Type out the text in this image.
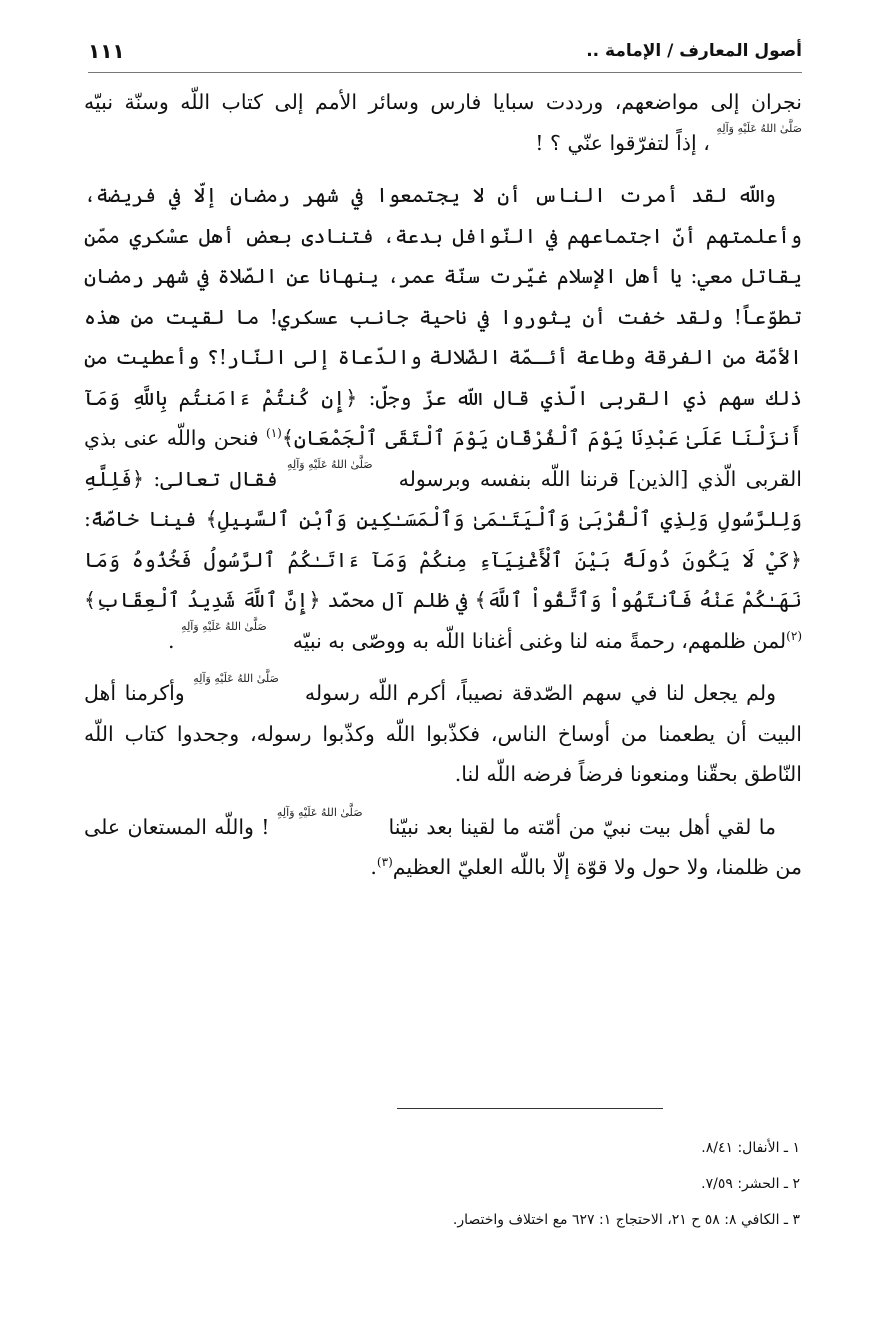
أصول المعارف / الإمامة ..
١١١

نجران إلى مواضعهم، ورددت سبايا فارس وسائر الأمم إلى كتاب اللّه وسنّة نبيّه صَلَّىٰ اللهُ عَلَيْهِ وَآلِهِ ، إذاً لتفرّقوا عنّي ؟ !

واللّه لقد أمرت الناس أن لا يجتمعوا في شهر رمضان إلّا في فريضة، وأعلمتهم أنّ اجتماعهم في النّوافل بدعة، فتنادى بعض أهل عسْكري ممّن يقاتل معي: يا أهل الإسلام غيّرت سنّة عمر، ينهانا عن الصّلاة في شهر رمضان تطوّعاً! ولقد خفت أن يثوروا في ناحية جانب عسكري! ما لقيت من هذه الأمّة من الفرقة وطاعة أئـمّة الضّلالة والدّعاة إلى النّار!؟ وأعطيت من ذلك سهم ذي القربى الّذي قال اللّه عزّ وجلّ: ﴿إِن كُنتُمْ ءَامَنتُم بِاللَّهِ وَمَآ أَنزَلْنَا عَلَىٰ عَبْدِنَا يَوْمَ ٱلْفُرْقَانِ يَوْمَ ٱلْتَقَى ٱلْجَمْعَانِ﴾$^{(١)}$ فنحن واللّه عنى بذي القربى الّذي [الذين] قرننا اللّه بنفسه وبرسولهصَلَّىٰ اللهُ عَلَيْهِ وَآلِهِ فقال تعالى: ﴿فَلِلَّهِ وَلِلرَّسُولِ وَلِذِي ٱلْقُرْبَىٰ وَٱلْيَتَـٰمَىٰ وَٱلْمَسَـٰكِينِ وَٱبْنِ ٱلسَّبِيلِ﴾ فينا خاصّةً: ﴿كَيْ لَا يَكُونَ دُولَةً بَيْنَ ٱلْأَغْنِيَآءِ مِنكُمْ وَمَآ ءَاتَـٰكُمُ ٱلرَّسُولُ فَخُذُوهُ وَمَا نَهَـٰكُمْ عَنْهُ فَٱنتَهُواْ وَٱتَّقُواْ ٱللَّهَ﴾ في ظلم آل محمّد ﴿إِنَّ ٱللَّهَ شَدِيدُ ٱلْعِقَابِ﴾$^{(٢)}$لمن ظلمهم، رحمةً منه لنا وغنى أغنانا اللّه به ووصّى به نبيّهصَلَّىٰ اللهُ عَلَيْهِ وَآلِهِ .

ولم يجعل لنا في سهم الصّدقة نصيباً، أكرم اللّه رسولهصَلَّىٰ اللهُ عَلَيْهِ وَآلِهِ وأكرمنا أهل البيت أن يطعمنا من أوساخ الناس، فكذّبوا اللّه وكذّبوا رسوله، وجحدوا كتاب اللّه النّاطق بحقّنا ومنعونا فرضاً فرضه اللّه لنا.

ما لقي أهل بيت نبيّ من أمّته ما لقينا بعد نبيّناصَلَّىٰ اللهُ عَلَيْهِ وَآلِهِ ! واللّه المستعان على من ظلمنا، ولا حول ولا قوّة إلّا باللّه العليّ العظيم$^{(٣)}$.

١ ـ الأنفال: ٨/٤١.
٢ ـ الحشر: ٧/٥٩.
٣ ـ الكافي ٨: ٥٨ ح ٢١، الاحتجاج ١: ٦٢٧ مع اختلاف واختصار.
